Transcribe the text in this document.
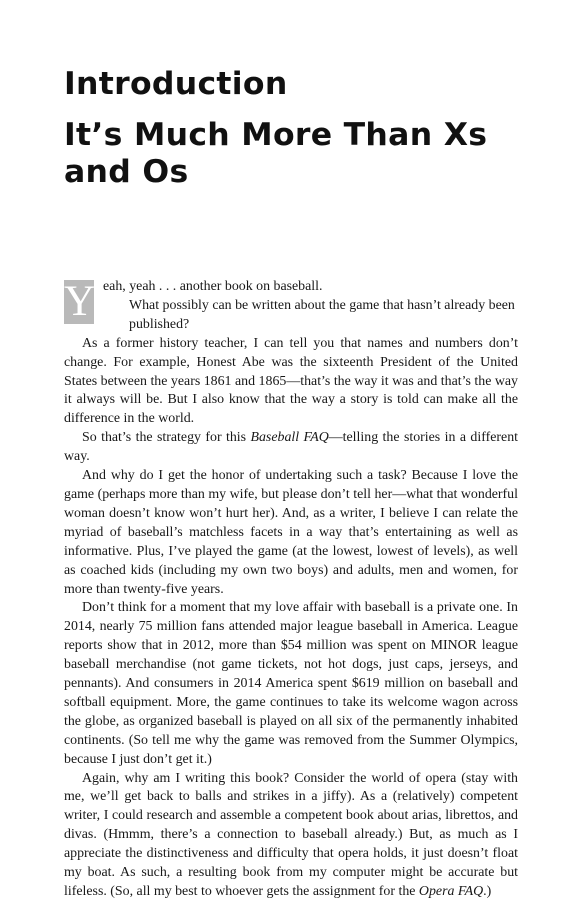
Introduction
It’s Much More Than Xs
and Os
Y eah, yeah . . . another book on baseball.

What possibly can be written about the game that hasn’t already been published?

As a former history teacher, I can tell you that names and numbers don’t change. For example, Honest Abe was the sixteenth President of the United States between the years 1861 and 1865—that’s the way it was and that’s the way it always will be. But I also know that the way a story is told can make all the difference in the world.

So that’s the strategy for this Baseball FAQ—telling the stories in a different way.

And why do I get the honor of undertaking such a task? Because I love the game (perhaps more than my wife, but please don’t tell her—what that wonderful woman doesn’t know won’t hurt her). And, as a writer, I believe I can relate the myriad of baseball’s matchless facets in a way that’s entertaining as well as informative. Plus, I’ve played the game (at the lowest, lowest of levels), as well as coached kids (including my own two boys) and adults, men and women, for more than twenty-five years.

Don’t think for a moment that my love affair with baseball is a private one. In 2014, nearly 75 million fans attended major league baseball in America. League reports show that in 2012, more than $54 million was spent on MINOR league baseball merchandise (not game tickets, not hot dogs, just caps, jerseys, and pennants). And consumers in 2014 America spent $619 million on baseball and softball equipment. More, the game continues to take its welcome wagon across the globe, as organized baseball is played on all six of the permanently inhabited continents. (So tell me why the game was removed from the Summer Olympics, because I just don’t get it.)

Again, why am I writing this book? Consider the world of opera (stay with me, we’ll get back to balls and strikes in a jiffy). As a (relatively) competent writer, I could research and assemble a competent book about arias, librettos, and divas. (Hmmm, there’s a connection to baseball already.) But, as much as I appreciate the distinctiveness and difficulty that opera holds, it just doesn’t float my boat. As such, a resulting book from my computer might be accurate but lifeless. (So, all my best to whoever gets the assignment for the Opera FAQ.)
